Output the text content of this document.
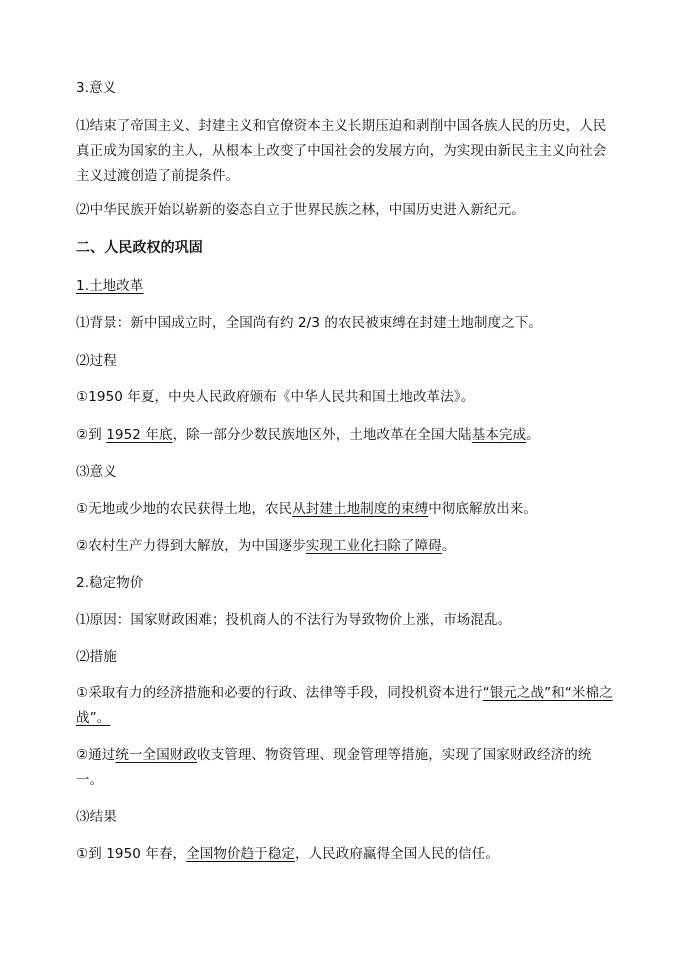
3.意义
⑴结束了帝国主义、封建主义和官僚资本主义长期压迫和剥削中国各族人民的历史，人民真正成为国家的主人，从根本上改变了中国社会的发展方向，为实现由新民主主义向社会主义过渡创造了前提条件。
⑵中华民族开始以崭新的姿态自立于世界民族之林，中国历史进入新纪元。
二、人民政权的巩固
1.土地改革
⑴背景：新中国成立时，全国尚有约 2/3 的农民被束缚在封建土地制度之下。
⑵过程
①1950 年夏，中央人民政府颁布《中华人民共和国土地改革法》。
②到 1952 年底，除一部分少数民族地区外，土地改革在全国大陆基本完成。
⑶意义
①无地或少地的农民获得土地，农民从封建土地制度的束缚中彻底解放出来。
②农村生产力得到大解放，为中国逐步实现工业化扫除了障碍。
2.稳定物价
⑴原因：国家财政困难；投机商人的不法行为导致物价上涨，市场混乱。
⑵措施
①采取有力的经济措施和必要的行政、法律等手段，同投机资本进行“银元之战”和“米棉之战”。
②通过统一全国财政收支管理、物资管理、现金管理等措施，实现了国家财政经济的统一。
⑶结果
①到 1950 年春，全国物价趋于稳定，人民政府赢得全国人民的信任。
